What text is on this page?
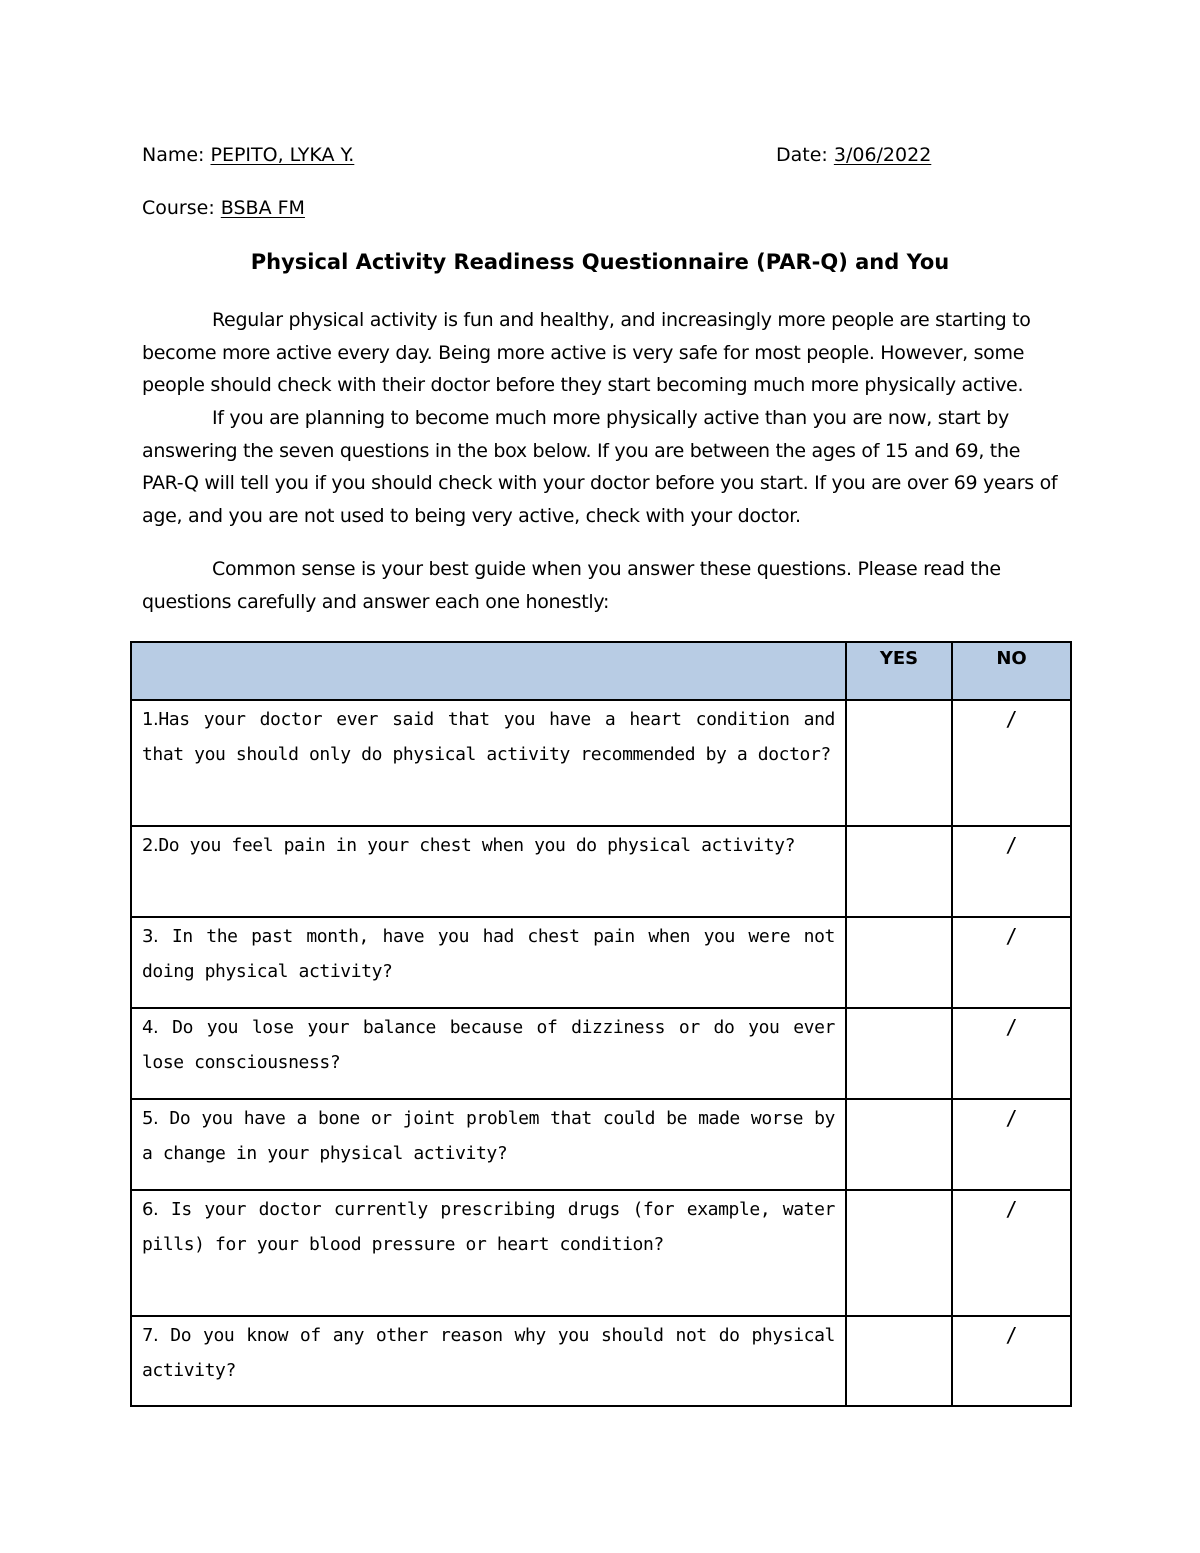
Name: PEPITO, LYKA Y.	Date: 3/06/2022
Course: BSBA FM
Physical Activity Readiness Questionnaire (PAR-Q) and You

Regular physical activity is fun and healthy, and increasingly more people are starting to become more active every day. Being more active is very safe for most people. However, some people should check with their doctor before they start becoming much more physically active.

If you are planning to become much more physically active than you are now, start by answering the seven questions in the box below. If you are between the ages of 15 and 69, the PAR-Q will tell you if you should check with your doctor before you start. If you are over 69 years of age, and you are not used to being very active, check with your doctor.

Common sense is your best guide when you answer these questions. Please read the questions carefully and answer each one honestly:

	YES	NO
1.Has your doctor ever said that you have a heart condition and that you should only do physical activity recommended by a doctor?		/
2.Do you feel pain in your chest when you do physical activity?		/
3. In the past month, have you had chest pain when you were not doing physical activity?		/
4. Do you lose your balance because of dizziness or do you ever lose consciousness?		/
5. Do you have a bone or joint problem that could be made worse by a change in your physical activity?		/
6. Is your doctor currently prescribing drugs (for example, water pills) for your blood pressure or heart condition?		/
7. Do you know of any other reason why you should not do physical activity?		/
